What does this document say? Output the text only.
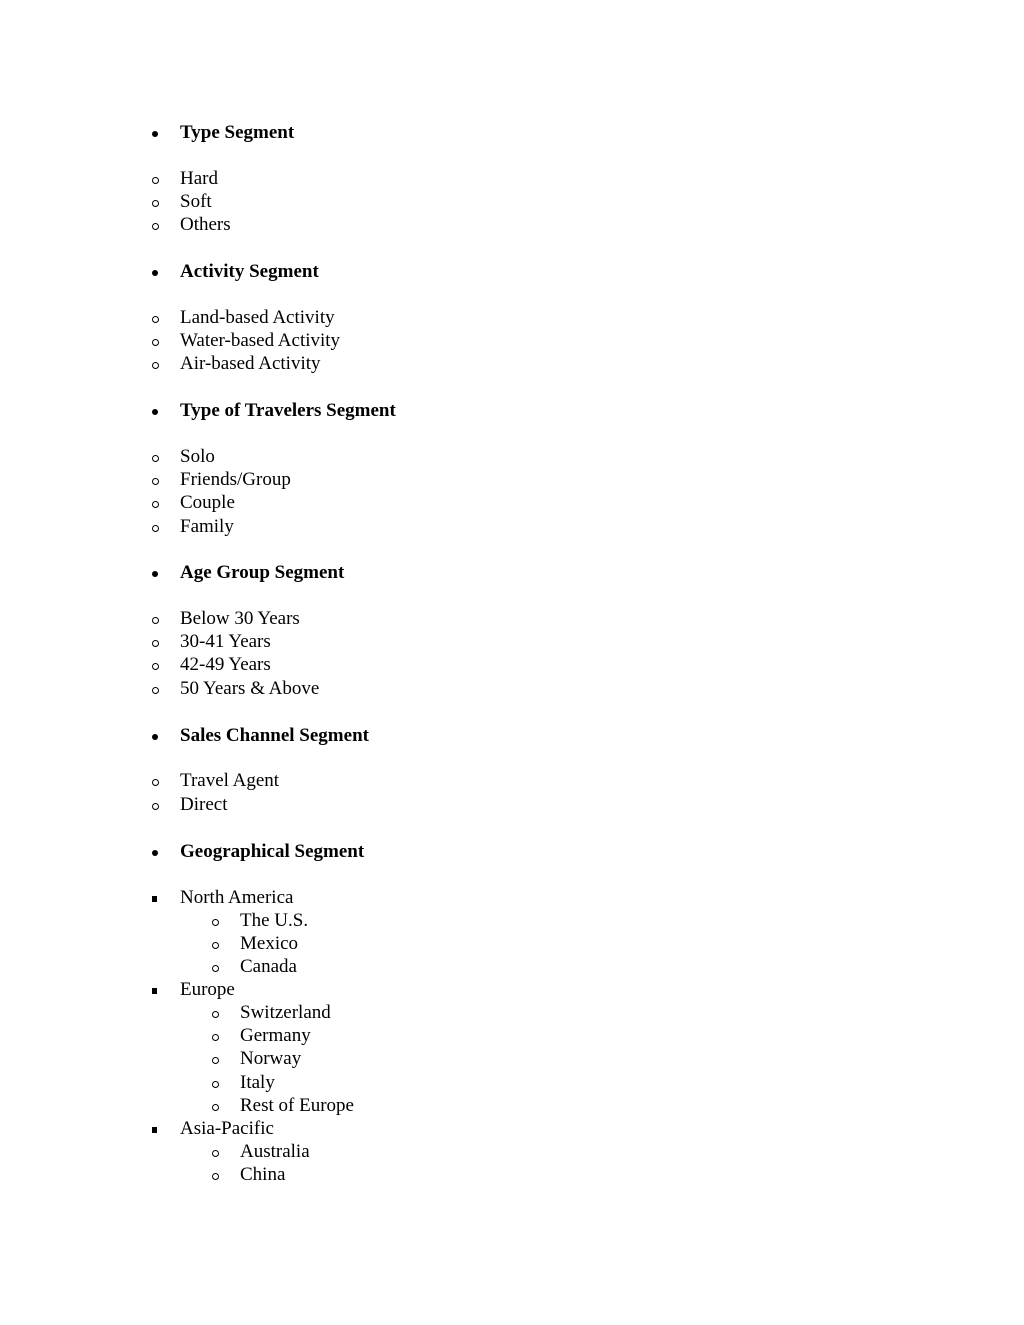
Type Segment
Hard
Soft
Others
Activity Segment
Land-based Activity
Water-based Activity
Air-based Activity
Type of Travelers Segment
Solo
Friends/Group
Couple
Family
Age Group Segment
Below 30 Years
30-41 Years
42-49 Years
50 Years & Above
Sales Channel Segment
Travel Agent
Direct
Geographical Segment
North America
The U.S.
Mexico
Canada
Europe
Switzerland
Germany
Norway
Italy
Rest of Europe
Asia-Pacific
Australia
China
